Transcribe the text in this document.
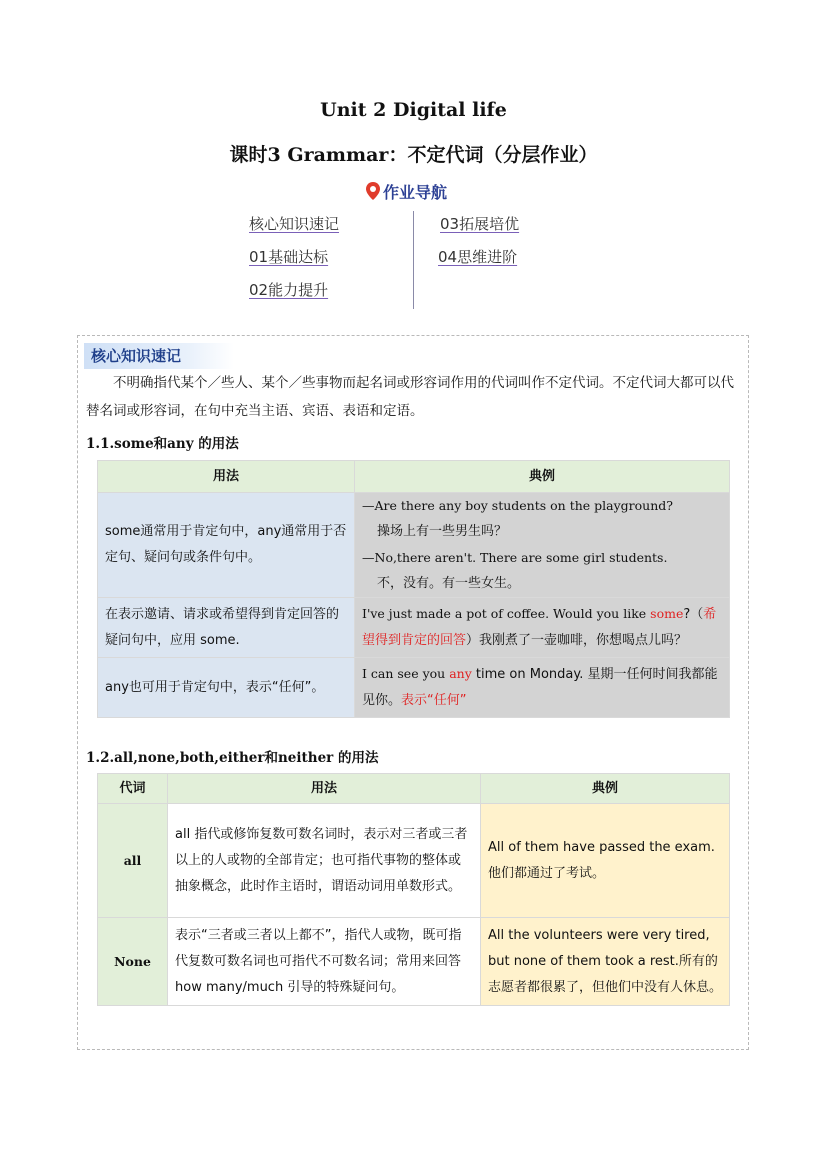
Unit 2 Digital life
课时3 Grammar：不定代词（分层作业）
作业导航
核心知识速记
01基础达标
02能力提升
03拓展培优
04思维进阶
核心知识速记
不明确指代某个／些人、某个／些事物而起名词或形容词作用的代词叫作不定代词。不定代词大都可以代替名词或形容词，在句中充当主语、宾语、表语和定语。
1.1.some和any 的用法
用法	典例
some通常用于肯定句中，any通常用于否定句、疑问句或条件句中。	—Are there any boy students on the playground?
操场上有一些男生吗？
—No,there aren't. There are some girl students.
不，没有。有一些女生。

在表示邀请、请求或希望得到肯定回答的疑问句中，应用 some.	I've just made a pot of coffee. Would you like some?（希望得到肯定的回答）我刚煮了一壶咖啡，你想喝点儿吗？
any也可用于肯定句中，表示“任何”。	I can see you any time on Monday. 星期一任何时间我都能见你。表示“任何”
1.2.all,none,both,either和neither 的用法
代词	用法	典例
all	all 指代或修饰复数可数名词时，表示对三者或三者以上的人或物的全部肯定；也可指代事物的整体或抽象概念，此时作主语时，谓语动词用单数形式。	All of them have passed the exam.他们都通过了考试。
None	表示“三者或三者以上都不”，指代人或物，既可指代复数可数名词也可指代不可数名词；常用来回答 how many/much 引导的特殊疑问句。	All the volunteers were very tired, but none of them took a rest.所有的志愿者都很累了，但他们中没有人休息。
